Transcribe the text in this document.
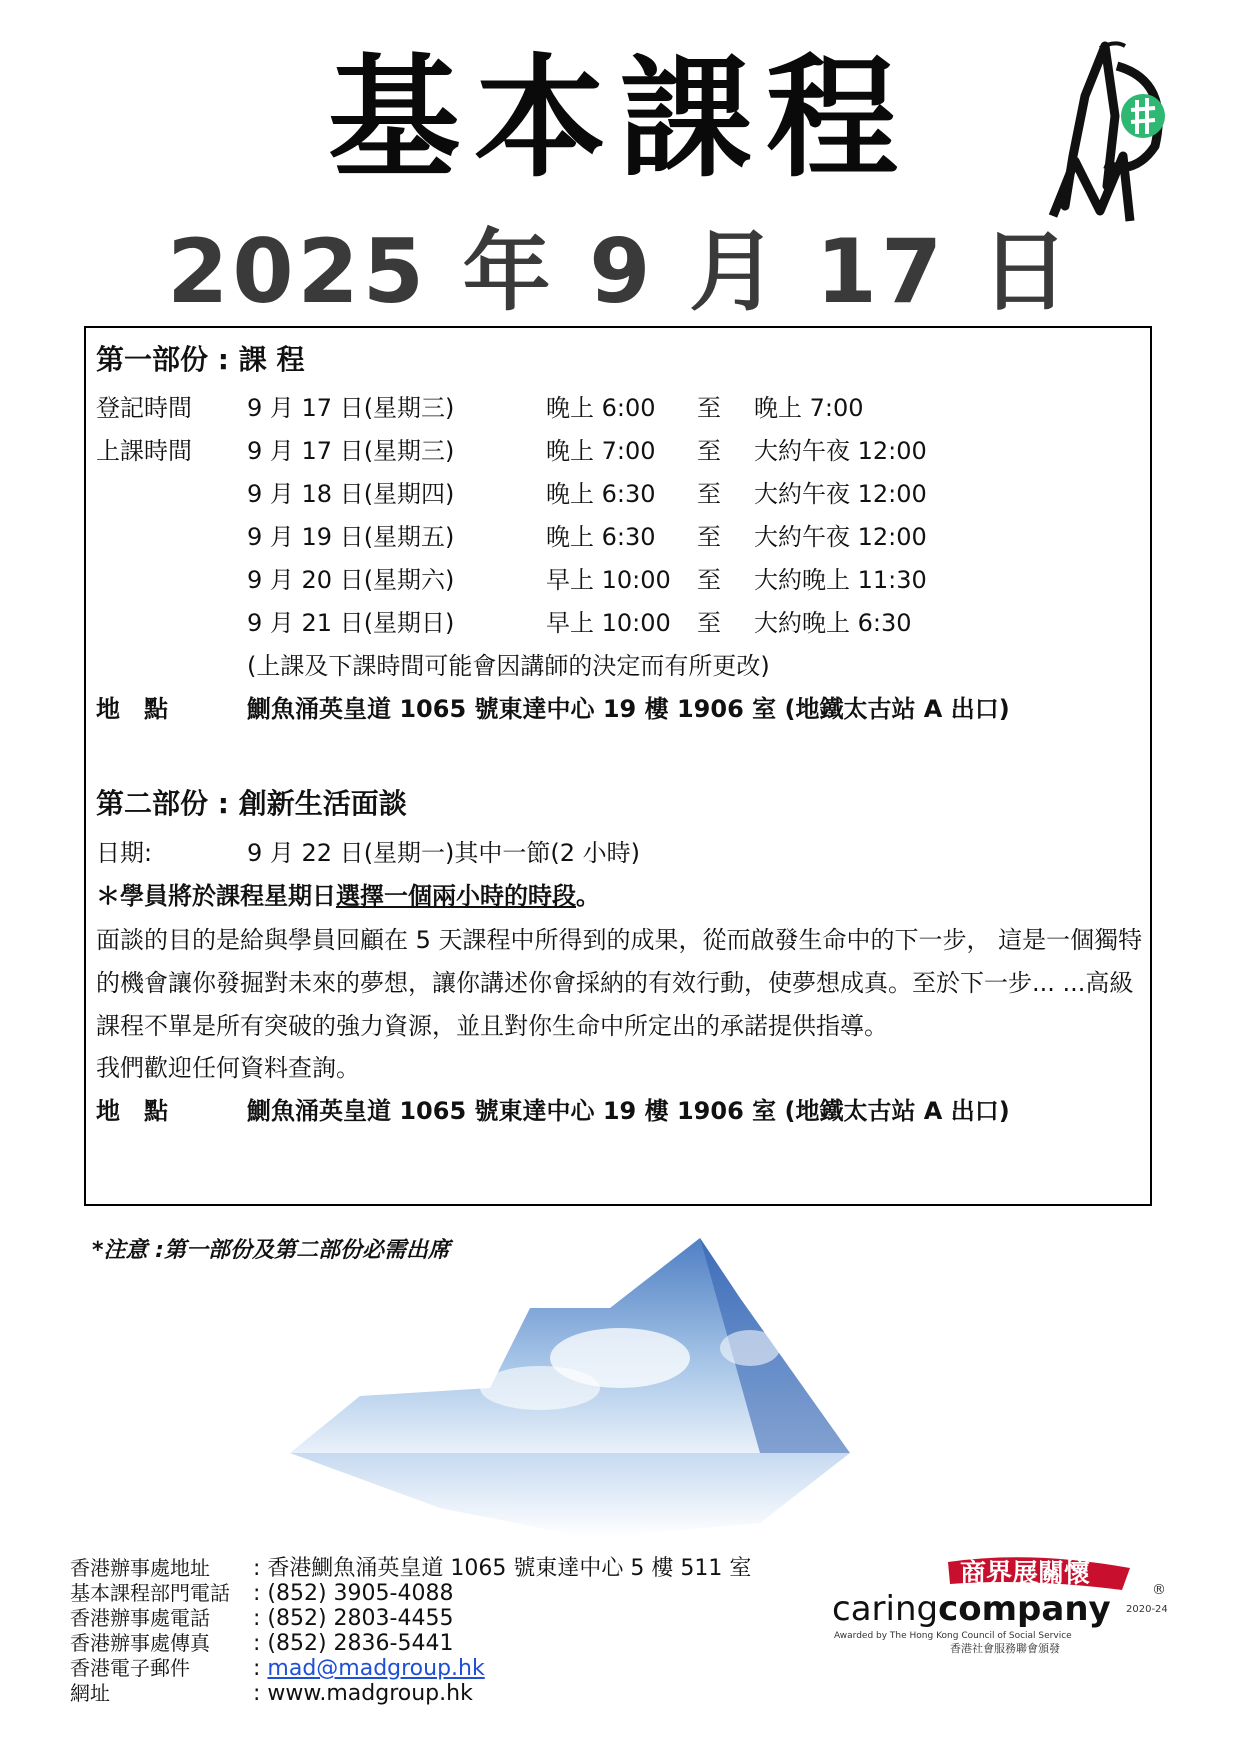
基本課程
2025 年 9 月 17 日
第一部份 : 課 程
登記時間 9 月 17 日(星期三)	晚上 6:00 至 晚上 7:00
上課時間 9 月 17 日(星期三)	晚上 7:00 至 大約午夜 12:00
9 月 18 日(星期四)	晚上 6:30 至 大約午夜 12:00
9 月 19 日(星期五)	晚上 6:30 至 大約午夜 12:00
9 月 20 日(星期六)	早上 10:00 至 大約晚上 11:30
9 月 21 日(星期日)	早上 10:00 至 大約晚上 6:30
(上課及下課時間可能會因講師的決定而有所更改)
地　點	鰂魚涌英皇道 1065 號東達中心 19 樓 1906 室 (地鐵太古站 A 出口)
第二部份 : 創新生活面談
日期:	9 月 22 日(星期一)其中一節(2 小時)
＊學員將於課程星期日選擇一個兩小時的時段。
面談的目的是給與學員回顧在 5 天課程中所得到的成果，從而啟發生命中的下一步， 這是一個獨特的機會讓你發掘對未來的夢想，讓你講述你會採納的有效行動，使夢想成真。至於下一步... ...高級課程不單是所有突破的強力資源，並且對你生命中所定出的承諾提供指導。
我們歡迎任何資料查詢。
地　點	鰂魚涌英皇道 1065 號東達中心 19 樓 1906 室 (地鐵太古站 A 出口)
*注意 :第一部份及第二部份必需出席
香港辦事處地址 : 香港鰂魚涌英皇道 1065 號東達中心 5 樓 511 室
基本課程部門電話 : (852) 3905-4088
香港辦事處電話 : (852) 2803-4455
香港辦事處傳真 : (852) 2836-5441
香港電子郵件	: mad@madgroup.hk
網址	: www.madgroup.hk
商界展關懷
caringcompany 2020-24
®
Awarded by The Hong Kong Council of Social Service
香港社會服務聯會頒發
